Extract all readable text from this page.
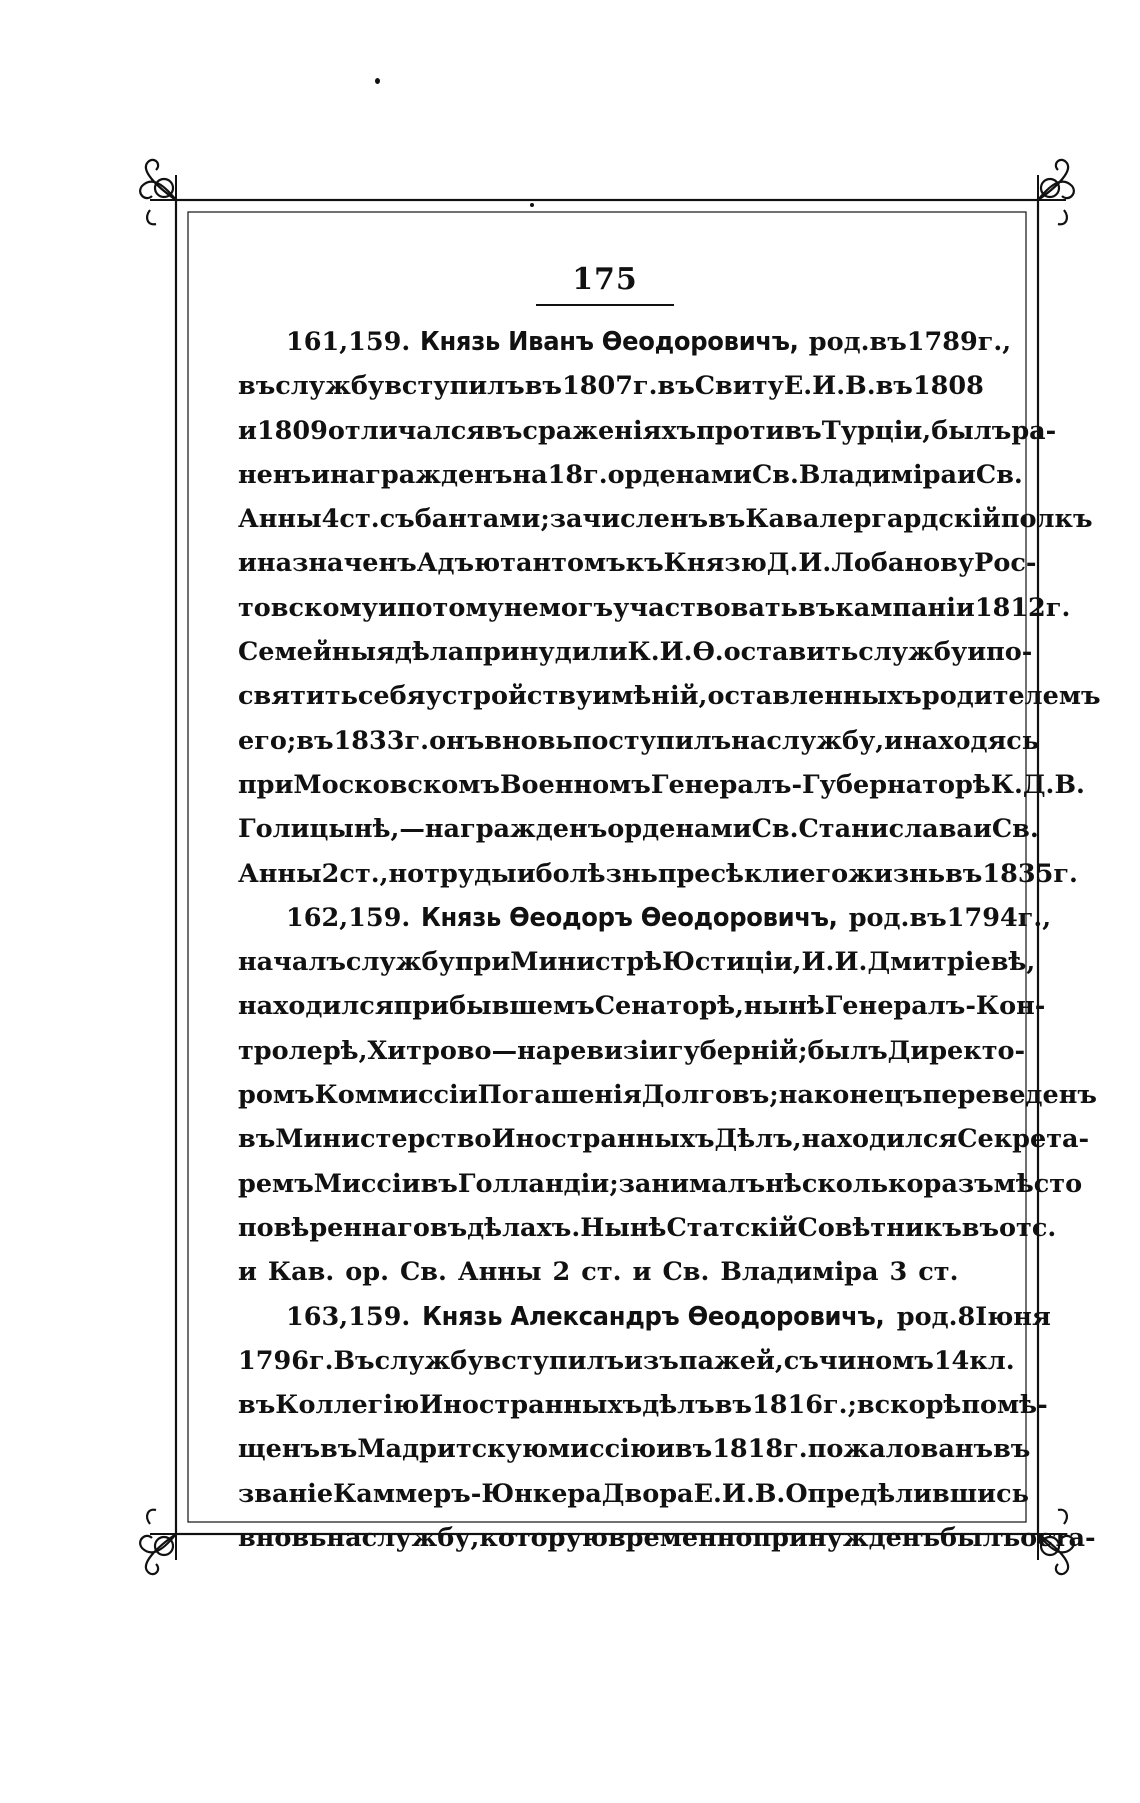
175
161, 159. Князь Иванъ Ѳеодоровичъ, род. въ 1789 г.,
въ службу вступилъ въ 1807 г. въ Свиту Е. И. В. въ 1808
и 1809 отличался въ сраженіяхъ противъ Турціи, былъ ра-
ненъ и награжденъ на 18 г. орденами Св. Владиміра и Св.
Анны 4 ст. съ бантами; зачисленъ въ Кавалергардскій полкъ
и назначенъ Адъютантомъ къ Князю Д. И. Лобанову Рос-
товскому и потому немогъ участвовать въ кампаніи 1812 г.
Семейныя дѣла принудили К. И. Ѳ. оставить службу и по-
святить себя устройству имѣній, оставленныхъ родителемъ
его; въ 1833 г. онъ вновь поступилъ на службу, и находясь
при Московскомъ Военномъ Генералъ-Губернаторѣ К. Д. В.
Голицынѣ, — награжденъ орденами Св. Станислава и Св.
Анны 2 ст., но труды и болѣзнь пресѣкли его жизнь въ 1835 г.
162, 159. Князь Ѳеодоръ Ѳеодоровичъ, род. въ 1794 г.,
началъ службу при Министрѣ Юстиціи, И. И. Дмитріевѣ,
находился при бывшемъ Сенаторѣ, нынѣ Генералъ-Кон-
тролерѣ, Хитрово — на ревизіи губерній; былъ Директо-
ромъ Коммиссіи Погашенія Долговъ; наконецъ переведенъ
въ Министерство Иностранныхъ Дѣлъ, находился Секрета-
ремъ Миссіи въ Голландіи; занималъ нѣсколько разъ мѣсто
повѣреннаго въ дѣлахъ. Нынѣ Статскій Совѣтникъ въ отс.
и Кав. ор. Св. Анны 2 ст. и Св. Владиміра 3 ст.
163, 159. Князь Александръ Ѳеодоровичъ, род. 8 Іюня
1796 г. Въ службу вступилъ изъ пажей, съ чиномъ 14 кл.
въ Коллегію Иностранныхъ дѣлъ въ 1816 г.; вскорѣ помѣ-
щенъ въ Мадритскую миссію и въ 1818 г. пожалованъ въ
званіе Каммеръ-Юнкера Двора Е. И. В. Опредѣлившись
вновь на службу, которую временно принужденъ былъ оста-
